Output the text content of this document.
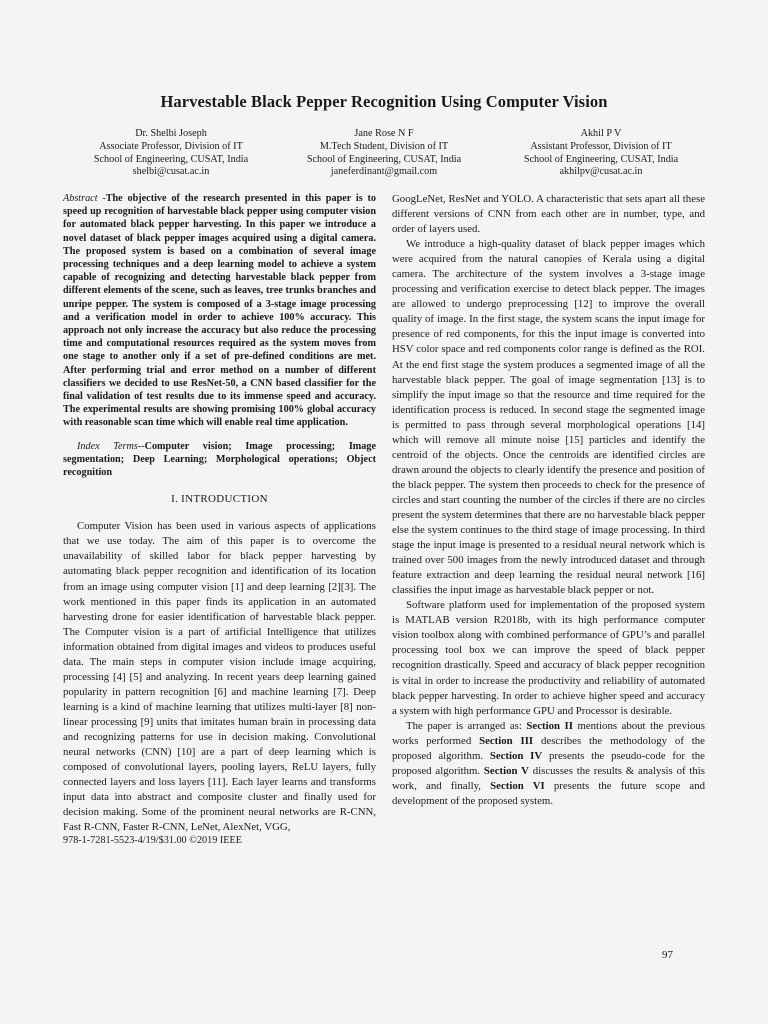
Harvestable Black Pepper Recognition Using Computer Vision
Dr. Shelbi Joseph
Associate Professor, Division of IT
School of Engineering, CUSAT, India
shelbi@cusat.ac.in
Jane Rose N F
M.Tech Student, Division of IT
School of Engineering, CUSAT, India
janeferdinant@gmail.com
Akhil P V
Assistant Professor, Division of IT
School of Engineering, CUSAT, India
akhilpv@cusat.ac.in

Abstract -The objective of the research presented in this paper is to speed up recognition of harvestable black pepper using computer vision for automated black pepper harvesting. In this paper we introduce a novel dataset of black pepper images acquired using a digital camera. The proposed system is based on a combination of several image processing techniques and a deep learning model to achieve a system capable of recognizing and detecting harvestable black pepper from different elements of the scene, such as leaves, tree trunks branches and unripe pepper. The system is composed of a 3-stage image processing and a verification model in order to achieve 100% accuracy. This approach not only increase the accuracy but also reduce the processing time and computational resources required as the system moves from one stage to another only if a set of pre-defined conditions are met. After performing trial and error method on a number of different classifiers we decided to use ResNet-50, a CNN based classifier for the final validation of test results due to its immense speed and accuracy. The experimental results are showing promising 100% global accuracy with reasonable scan time which will enable real time application.

Index Terms--Computer vision; Image processing; Image segmentation; Deep Learning; Morphological operations; Object recognition

I. INTRODUCTION

Computer Vision has been used in various aspects of applications that we use today. The aim of this paper is to overcome the unavailability of skilled labor for black pepper harvesting by automating black pepper recognition and identification of its location from an image using computer vision [1] and deep learning [2][3]. The work mentioned in this paper finds its application in an automated harvesting drone for easier identification of harvestable black pepper. The Computer vision is a part of artificial Intelligence that utilizes information obtained from digital images and videos to produces useful data. The main steps in computer vision include image acquiring, processing [4] [5] and analyzing. In recent years deep learning gained popularity in pattern recognition [6] and machine learning [7]. Deep learning is a kind of machine learning that utilizes multi-layer [8] non-linear processing [9] units that imitates human brain in processing data and recognizing patterns for use in decision making. Convolutional neural networks (CNN) [10] are a part of deep learning which is composed of convolutional layers, pooling layers, ReLU layers, fully connected layers and loss layers [11]. Each layer learns and transforms input data into abstract and composite cluster and finally used for decision making. Some of the prominent neural networks are R-CNN, Fast R-CNN, Faster R-CNN, LeNet, AlexNet, VGG,

978-1-7281-5523-4/19/$31.00 ©2019 IEEE

GoogLeNet, ResNet and YOLO. A characteristic that sets apart all these different versions of CNN from each other are in number, type, and order of layers used.

We introduce a high-quality dataset of black pepper images which were acquired from the natural canopies of Kerala using a digital camera. The architecture of the system involves a 3-stage image processing and verification exercise to detect black pepper. The images are allowed to undergo preprocessing [12] to improve the overall quality of image. In the first stage, the system scans the input image for presence of red components, for this the input image is converted into HSV color space and red components color range is defined as the ROI. At the end first stage the system produces a segmented image of all the harvestable black pepper. The goal of image segmentation [13] is to simplify the input image so that the resource and time required for the identification process is reduced. In second stage the segmented image is permitted to pass through several morphological operations [14] which will remove all minute noise [15] particles and identify the centroid of the objects. Once the centroids are identified circles are drawn around the objects to clearly identify the presence and position of the black pepper. The system then proceeds to check for the presence of circles and start counting the number of the circles if there are no circles present the system determines that there are no harvestable black pepper else the system continues to the third stage of image processing. In third stage the input image is presented to a residual neural network which is trained over 500 images from the newly introduced dataset and through feature extraction and deep learning the residual neural network [16] classifies the input image as harvestable black pepper or not.

Software platform used for implementation of the proposed system is MATLAB version R2018b, with its high performance computer vision toolbox along with combined performance of GPU’s and parallel processing tool box we can improve the speed of black pepper recognition drastically. Speed and accuracy of black pepper recognition is vital in order to increase the productivity and reliability of automated black pepper harvesting. In order to achieve higher speed and accuracy a system with high performance GPU and Processor is desirable.

The paper is arranged as: Section II mentions about the previous works performed Section III describes the methodology of the proposed algorithm. Section IV presents the pseudo-code for the proposed algorithm. Section V discusses the results & analysis of this work, and finally, Section VI presents the future scope and development of the proposed system.

97
